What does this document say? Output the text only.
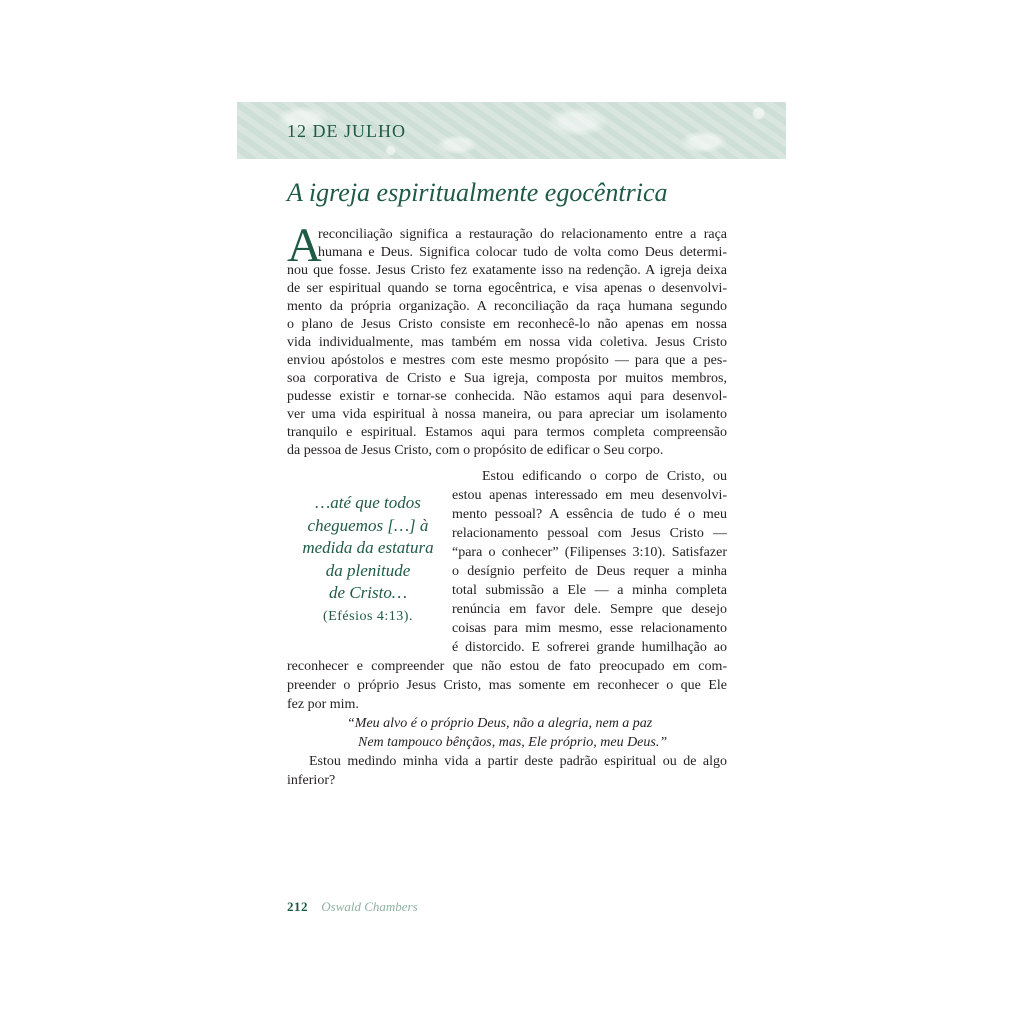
12 DE JULHO

A igreja espiritualmente egocêntrica
A
reconciliação significa a restauração do relacionamento entre a raça
humana e Deus. Significa colocar tudo de volta como Deus determi-
nou que fosse. Jesus Cristo fez exatamente isso na redenção. A igreja deixa
de ser espiritual quando se torna egocêntrica, e visa apenas o desenvolvi-
mento da própria organização. A reconciliação da raça humana segundo
o plano de Jesus Cristo consiste em reconhecê-lo não apenas em nossa
vida individualmente, mas também em nossa vida coletiva. Jesus Cristo
enviou apóstolos e mestres com este mesmo propósito — para que a pes-
soa corporativa de Cristo e Sua igreja, composta por muitos membros,
pudesse existir e tornar-se conhecida. Não estamos aqui para desenvol-
ver uma vida espiritual à nossa maneira, ou para apreciar um isolamento
tranquilo e espiritual. Estamos aqui para termos completa compreensão
da pessoa de Jesus Cristo, com o propósito de edificar o Seu corpo.
Estou edificando o corpo de Cristo, ou
estou apenas interessado em meu desenvolvi-
mento pessoal? A essência de tudo é o meu
relacionamento pessoal com Jesus Cristo —
“para o conhecer” (Filipenses 3:10). Satisfazer
o desígnio perfeito de Deus requer a minha
total submissão a Ele — a minha completa
renúncia em favor dele. Sempre que desejo
coisas para mim mesmo, esse relacionamento
é distorcido. E sofrerei grande humilhação ao
reconhecer e compreender que não estou de fato preocupado em com-
preender o próprio Jesus Cristo, mas somente em reconhecer o que Ele
fez por mim.
“Meu alvo é o próprio Deus, não a alegria, nem a paz
Nem tampouco bênçãos, mas, Ele próprio, meu Deus.”
Estou medindo minha vida a partir deste padrão espiritual ou de algo
inferior?
…até que todos
cheguemos […] à
medida da estatura
da plenitude
de Cristo…
(Efésios 4:13).
212 Oswald Chambers
